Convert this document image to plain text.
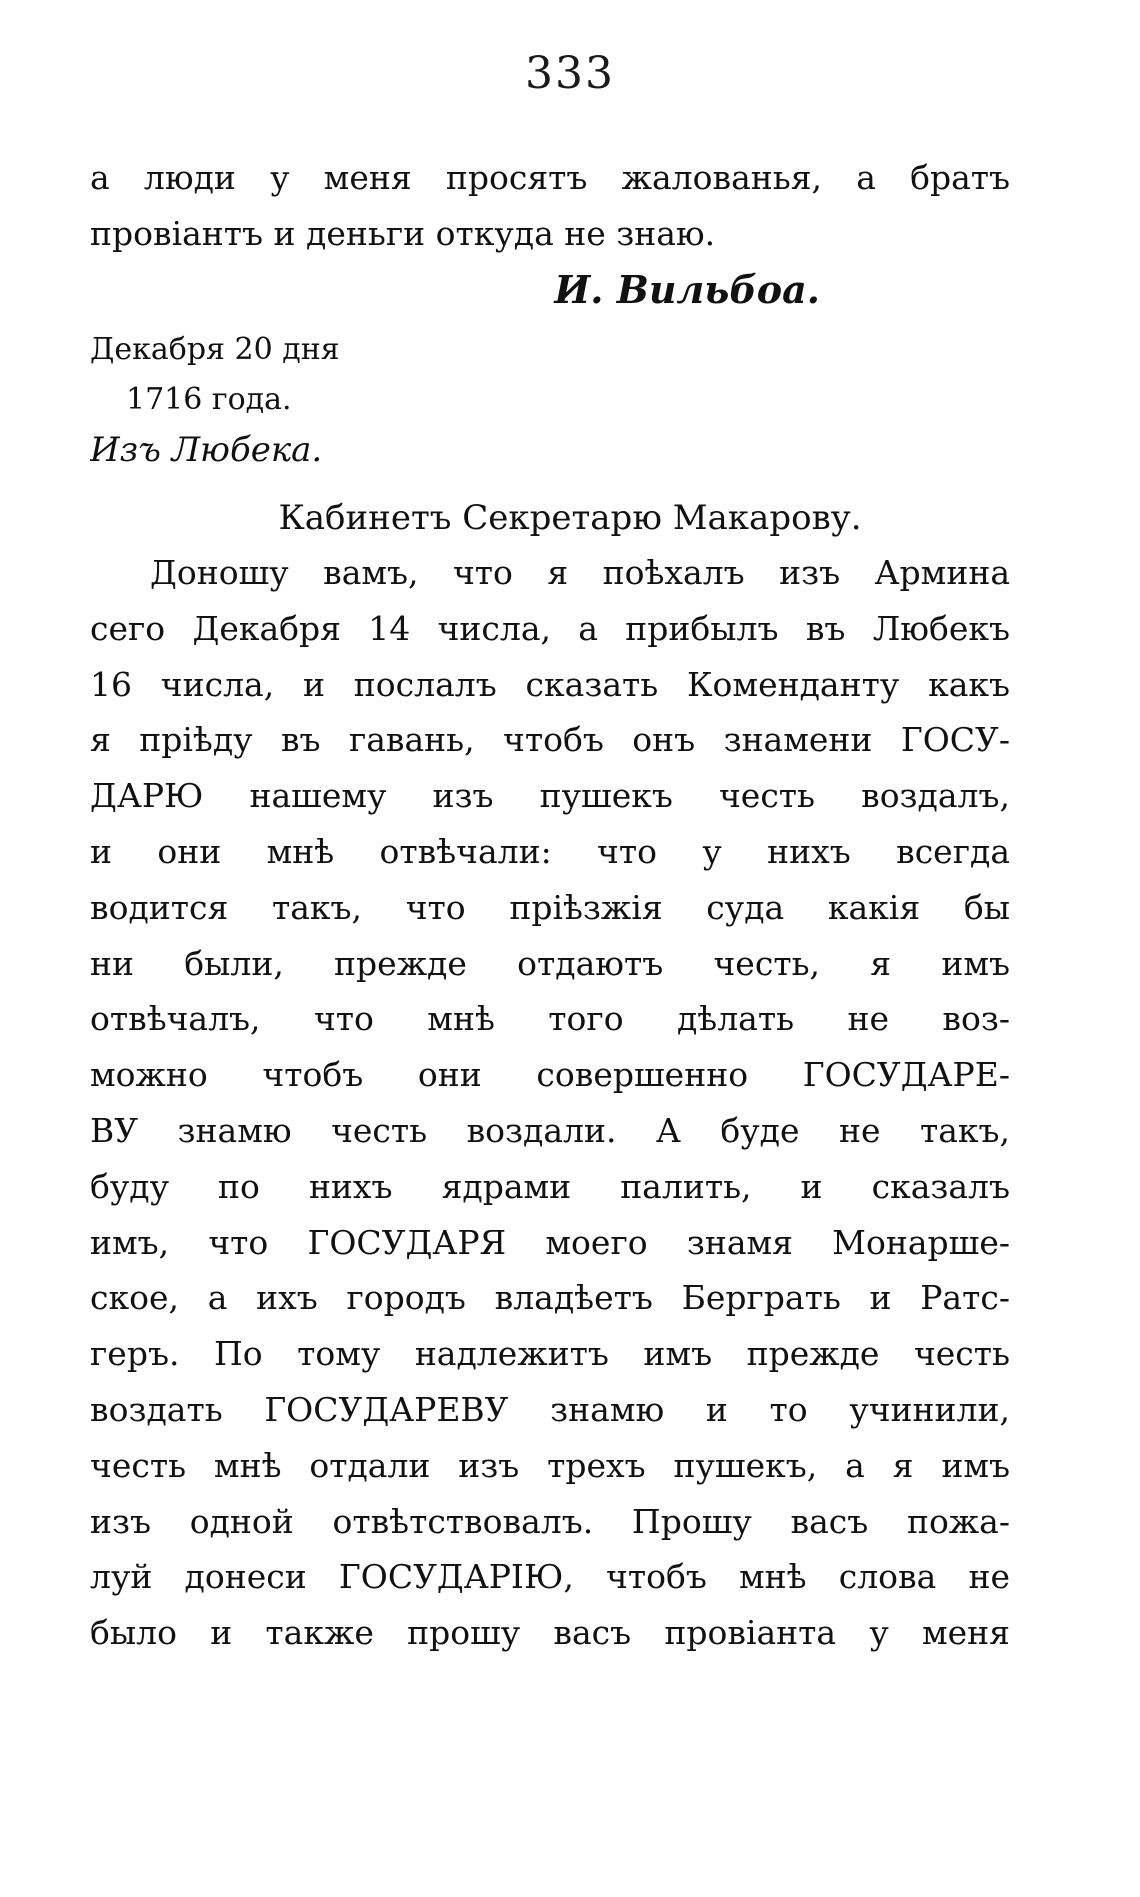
333
а люди у меня просятъ жалованья, а братъ
провіантъ и деньги откуда не знаю.
И. Вильбоа.
Декабря 20 дня
1716 года.
Изъ Любека.
Кабинетъ Секретарю Макарову.
Доношу вамъ, что я поѣхалъ изъ Армина
сего Декабря 14 числа, а прибылъ въ Любекъ
16 числа, и послалъ сказать Коменданту какъ
я пріѣду въ гавань, чтобъ онъ знамени ГОСУ-
ДАРЮ нашему изъ пушекъ честь воздалъ,
и они мнѣ отвѣчали: что у нихъ всегда
водится такъ, что пріѣзжія суда какія бы
ни были, прежде отдаютъ честь, я имъ
отвѣчалъ, что мнѣ того дѣлать не воз-
можно чтобъ они совершенно ГОСУДАРЕ-
ВУ знамю честь воздали. А буде не такъ,
буду по нихъ ядрами палить, и сказалъ
имъ, что ГОСУДАРЯ моего знамя Монарше-
ское, а ихъ городъ владѣетъ Берграть и Ратс-
геръ. По тому надлежитъ имъ прежде честь
воздать ГОСУДАРЕВУ знамю и то учинили,
честь мнѣ отдали изъ трехъ пушекъ, а я имъ
изъ одной отвѣтствовалъ. Прошу васъ пожа-
луй донеси ГОСУДАРІЮ, чтобъ мнѣ слова не
было и также прошу васъ провіанта у меня
